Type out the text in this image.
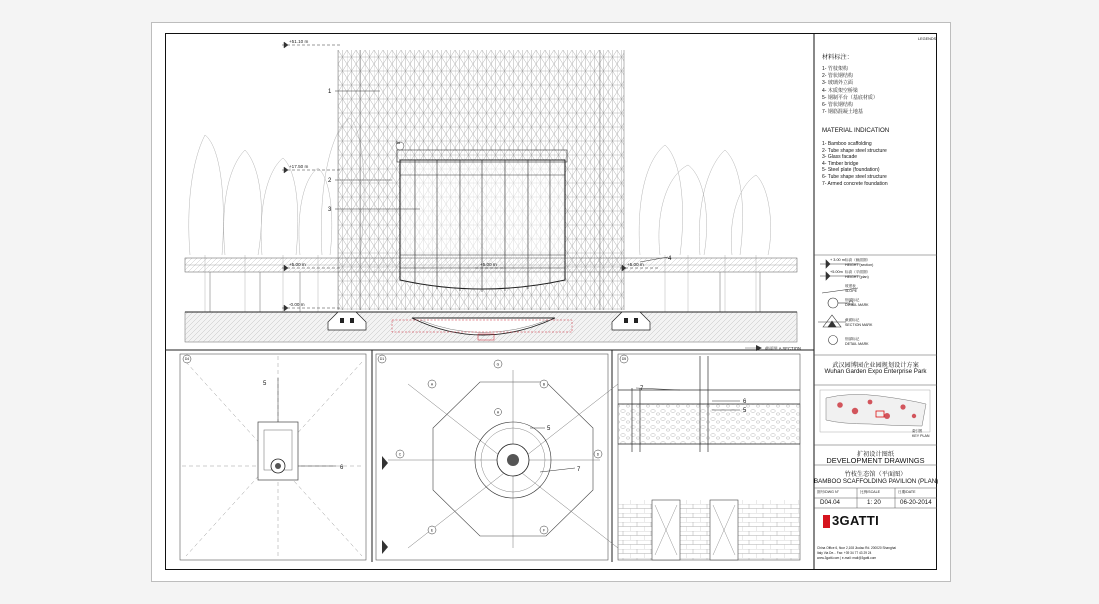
+51.10 m
+17.50 m
+5.00 m
-0.00 m
+5.00 m
+5.00 m
1
2
3
4
5a
5
6
5
7
7
6
5
D4	D1	D5
A	B
C	D
E	F
G
H
截面图 A SECTION
LEGENDS
材料标注：
1- 竹枝架构
2- 管状钢结构
3- 玻璃外立面
4- 木质架空桥梁
5- 钢制平台（基底材质）
6- 管状钢结构
7- 钢筋混凝土地基
MATERIAL INDICATION
1- Bamboo scaffolding
2- Tube shape steel structure
3- Glass facade
4- Timber bridge
5- Steel plate (foundation)
6- Tube shape steel structure
7- Armed concrete foundation
+ 3.00 m 标高（截面图）
HEIGHT (section)
+5.00m 标高（平面图）
HEIGHT (plan)
坡度表
SLOPE
细部标记
DETAIL MARK
截面标记
SECTION MARK
细部标记
DETAIL MARK
武汉园博园企业园规划设计方案
Wuhan Garden Expo Enterprise Park
索引图
KEY PLAN
扩初设计图纸
DEVELOPMENT DRAWINGS
竹枝生态馆（平面图）
BAMBOO SCAFFOLDING PAVILION (PLAN)
图号/DWG N°	比例/SCALE	日期/DATE
D04.04	1: 20	06-20-2014
3GATTI
China Office 6, floor 2,108 Jiudao Rd. 200020 Shanghai
Italy Via De... Fax: +39 34 77 43 29 24
www.3gatti.com | e-mail: mail@3gatti.com
